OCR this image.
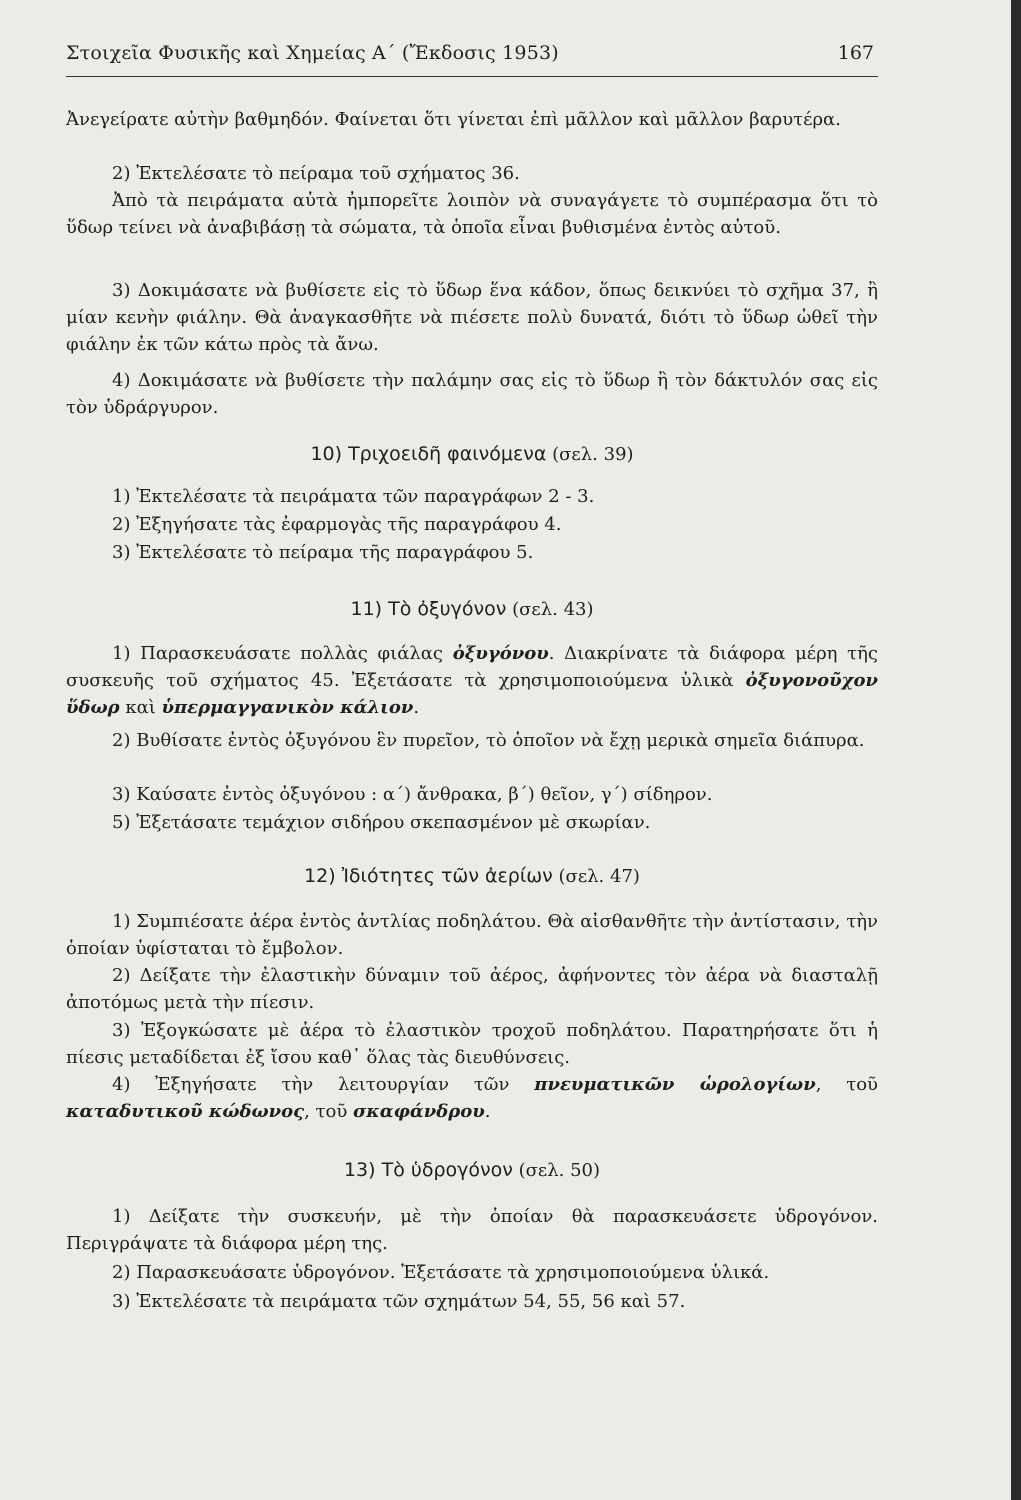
Στοιχεῖα Φυσικῆς καὶ Χημείας Α΄ (Ἔκδοσις 1953)	167

Ἀνεγείρατε αὐτὴν βαθμηδόν. Φαίνεται ὅτι γίνεται ἐπὶ μᾶλλον καὶ μᾶλλον βαρυτέρα.

2) Ἐκτελέσατε τὸ πείραμα τοῦ σχήματος 36.

Ἀπὸ τὰ πειράματα αὐτὰ ἠμπορεῖτε λοιπὸν νὰ συναγάγετε τὸ συμπέρασμα ὅτι τὸ ὕδωρ τείνει νὰ ἀναβιβάσῃ τὰ σώματα, τὰ ὁποῖα εἶναι βυθισμένα ἐντὸς αὐτοῦ.

3) Δοκιμάσατε νὰ βυθίσετε εἰς τὸ ὕδωρ ἕνα κάδον, ὅπως δεικνύει τὸ σχῆμα 37, ἢ μίαν κενὴν φιάλην. Θὰ ἀναγκασθῆτε νὰ πιέσετε πολὺ δυνατά, διότι τὸ ὕδωρ ὠθεῖ τὴν φιάλην ἐκ τῶν κάτω πρὸς τὰ ἄνω.

4) Δοκιμάσατε νὰ βυθίσετε τὴν παλάμην σας εἰς τὸ ὕδωρ ἢ τὸν δάκτυλόν σας εἰς τὸν ὑδράργυρον.

10) Τριχοειδῆ φαινόμενα (σελ. 39)

1) Ἐκτελέσατε τὰ πειράματα τῶν παραγράφων 2 - 3.

2) Ἐξηγήσατε τὰς ἐφαρμογὰς τῆς παραγράφου 4.

3) Ἐκτελέσατε τὸ πείραμα τῆς παραγράφου 5.

11) Τὸ ὀξυγόνον (σελ. 43)

1) Παρασκευάσατε πολλὰς φιάλας ὀξυγόνου. Διακρίνατε τὰ διάφορα μέρη τῆς συσκευῆς τοῦ σχήματος 45. Ἐξετάσατε τὰ χρησιμοποιούμενα ὑλικὰ ὀξυγονοῦχον ὕδωρ καὶ ὑπερμαγγανικὸν κάλιον.

2) Βυθίσατε ἐντὸς ὀξυγόνου ἓν πυρεῖον, τὸ ὁποῖον νὰ ἔχῃ μερικὰ σημεῖα διάπυρα.

3) Καύσατε ἐντὸς ὀξυγόνου : α΄) ἄνθρακα, β΄) θεῖον, γ΄) σίδηρον.

5) Ἐξετάσατε τεμάχιον σιδήρου σκεπασμένον μὲ σκωρίαν.

12) Ἰδιότητες τῶν ἀερίων (σελ. 47)

1) Συμπιέσατε ἀέρα ἐντὸς ἀντλίας ποδηλάτου. Θὰ αἰσθανθῆτε τὴν ἀντίστασιν, τὴν ὁποίαν ὑφίσταται τὸ ἔμβολον.

2) Δείξατε τὴν ἐλαστικὴν δύναμιν τοῦ ἀέρος, ἀφήνοντες τὸν ἀέρα νὰ διασταλῇ ἀποτόμως μετὰ τὴν πίεσιν.

3) Ἐξογκώσατε μὲ ἀέρα τὸ ἐλαστικὸν τροχοῦ ποδηλάτου. Παρατηρήσατε ὅτι ἡ πίεσις μεταδίδεται ἐξ ἴσου καθ᾿ ὅλας τὰς διευθύνσεις.

4) Ἐξηγήσατε τὴν λειτουργίαν τῶν πνευματικῶν ὡρολογίων, τοῦ καταδυτικοῦ κώδωνος, τοῦ σκαφάνδρου.

13) Τὸ ὑδρογόνον (σελ. 50)

1) Δείξατε τὴν συσκευήν, μὲ τὴν ὁποίαν θὰ παρασκευάσετε ὑδρογόνον. Περιγράψατε τὰ διάφορα μέρη της.

2) Παρασκευάσατε ὑδρογόνον. Ἐξετάσατε τὰ χρησιμοποιούμενα ὑλικά.

3) Ἐκτελέσατε τὰ πειράματα τῶν σχημάτων 54, 55, 56 καὶ 57.
